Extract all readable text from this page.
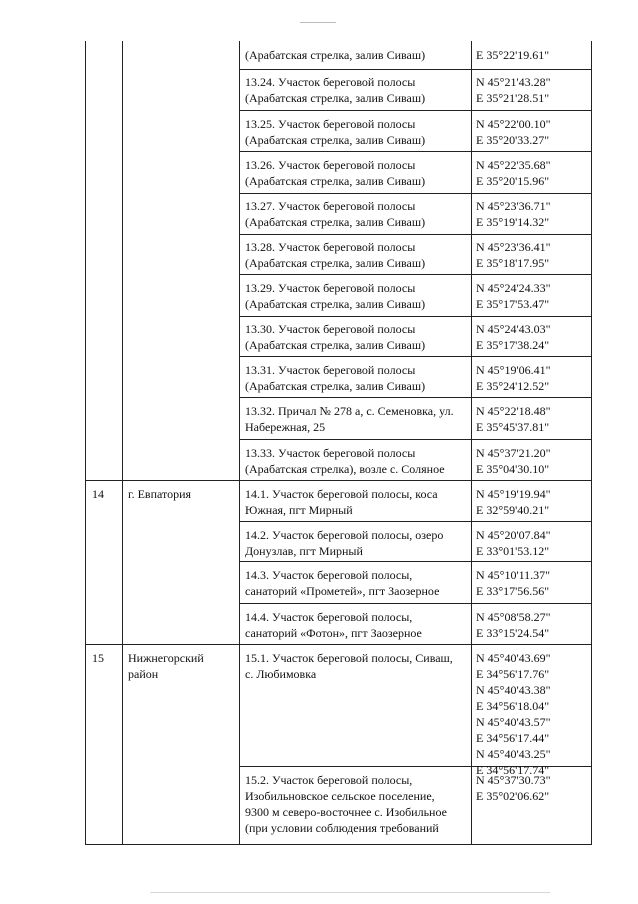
(Арабатская стрелка, залив Сиваш)	E 35°22'19.61"
13.24. Участок береговой полосы
(Арабатская стрелка, залив Сиваш)
N 45°21'43.28"
E 35°21'28.51"
13.25. Участок береговой полосы
(Арабатская стрелка, залив Сиваш)
N 45°22'00.10"
E 35°20'33.27"
13.26. Участок береговой полосы
(Арабатская стрелка, залив Сиваш)
N 45°22'35.68"
E 35°20'15.96"
13.27. Участок береговой полосы
(Арабатская стрелка, залив Сиваш)
N 45°23'36.71"
E 35°19'14.32"
13.28. Участок береговой полосы
(Арабатская стрелка, залив Сиваш)
N 45°23'36.41"
E 35°18'17.95"
13.29. Участок береговой полосы
(Арабатская стрелка, залив Сиваш)
N 45°24'24.33"
E 35°17'53.47"
13.30. Участок береговой полосы
(Арабатская стрелка, залив Сиваш)
N 45°24'43.03"
E 35°17'38.24"
13.31. Участок береговой полосы
(Арабатская стрелка, залив Сиваш)
N 45°19'06.41"
E 35°24'12.52"
13.32. Причал № 278 а, с. Семеновка, ул.
Набережная, 25
N 45°22'18.48"
E 35°45'37.81"
13.33. Участок береговой полосы
(Арабатская стрелка), возле с. Соляное
N 45°37'21.20"
E 35°04'30.10"
14 г. Евпатория	14.1. Участок береговой полосы, коса
Южная, пгт Мирный
N 45°19'19.94"
E 32°59'40.21"
14.2. Участок береговой полосы, озеро
Донузлав, пгт Мирный
N 45°20'07.84"
E 33°01'53.12"
14.3. Участок береговой полосы,
санаторий «Прометей», пгт Заозерное
N 45°10'11.37"
E 33°17'56.56"
14.4. Участок береговой полосы,
санаторий «Фотон», пгт Заозерное
N 45°08'58.27"
E 33°15'24.54"
15 Нижнегорский
район
15.1. Участок береговой полосы, Сиваш,
с. Любимовка
N 45°40'43.69"
E 34°56'17.76"
N 45°40'43.38"
E 34°56'18.04"
N 45°40'43.57"
E 34°56'17.44"
N 45°40'43.25"
E 34°56'17.74"
15.2. Участок береговой полосы,
Изобильновское сельское поселение,
9300 м северо-восточнее с. Изобильное
(при условии соблюдения требований
N 45°37'30.73"
E 35°02'06.62"
